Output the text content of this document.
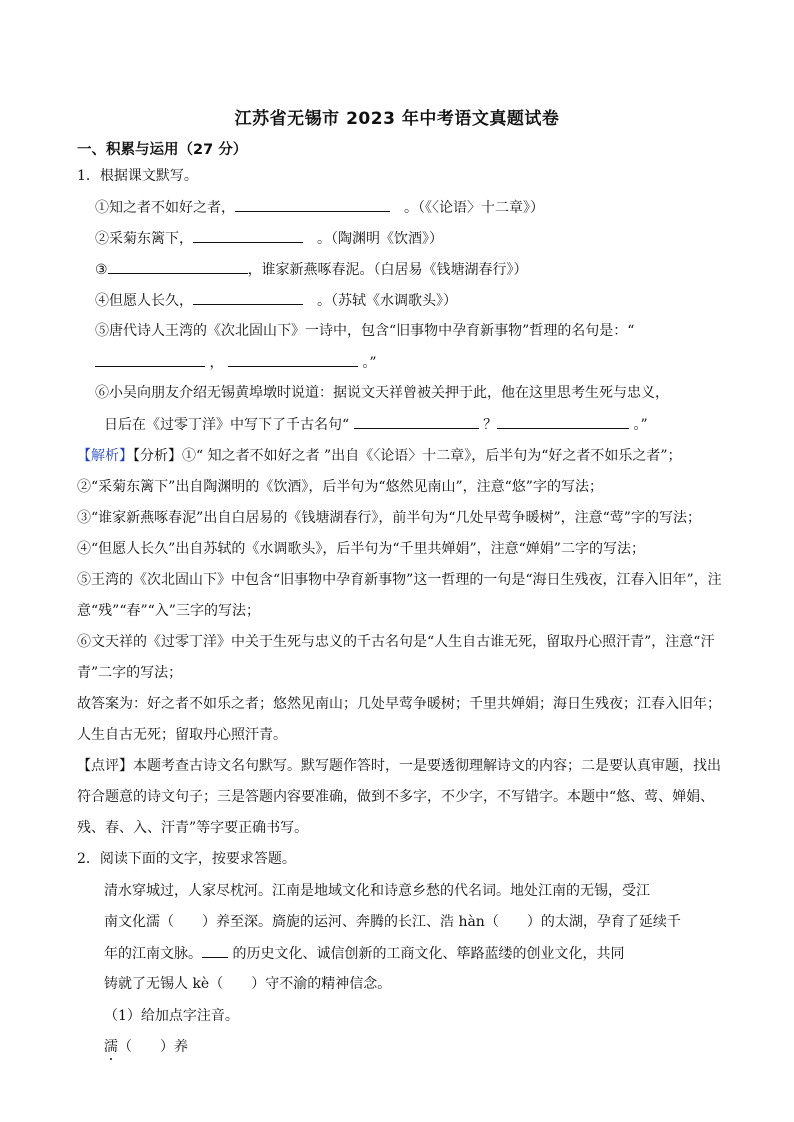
江苏省无锡市 2023 年中考语文真题试卷
一、积累与运用（27 分）
1．根据课文默写。
①知之者不如好之者，　	。（《〈论语〉十二章》）
②采菊东篱下，　	。（陶渊明《饮酒》）
③	，谁家新燕啄春泥。（白居易《钱塘湖春行》）
④但愿人长久，　	。（苏轼《水调歌头》）
⑤唐代诗人王湾的《次北固山下》一诗中，包含“旧事物中孕育新事物”哲理的名句是：“
，	。”
⑥小吴向朋友介绍无锡黄埠墩时说道：据说文天祥曾被关押于此，他在这里思考生死与忠义，
日后在《过零丁洋》中写下了千古名句“	？	。”
【解析】【分析】①“ 知之者不如好之者 ”出自《〈论语〉十二章》，后半句为“好之者不如乐之者”；
②“采菊东篱下”出自陶渊明的《饮酒》，后半句为“悠然见南山”，注意“悠”字的写法；
③“谁家新燕啄春泥”出自白居易的《钱塘湖春行》，前半句为“几处早莺争暖树”，注意“莺”字的写法；
④“但愿人长久”出自苏轼的《水调歌头》，后半句为“千里共婵娟”，注意“婵娟”二字的写法；
⑤王湾的《次北固山下》中包含“旧事物中孕育新事物”这一哲理的一句是“海日生残夜，江春入旧年”，注
意“残”“春”“入”三字的写法；
⑥文天祥的《过零丁洋》中关于生死与忠义的千古名句是“人生自古谁无死，留取丹心照汗青”，注意“汗
青”二字的写法；
故答案为：好之者不如乐之者；悠然见南山；几处早莺争暖树；千里共婵娟；海日生残夜；江春入旧年；
人生自古无死；留取丹心照汗青。
【点评】本题考查古诗文名句默写。默写题作答时，一是要透彻理解诗文的内容；二是要认真审题，找出
符合题意的诗文句子；三是答题内容要准确，做到不多字，不少字，不写错字。本题中“悠、莺、婵娟、
残、春、入、汗青”等字要正确书写。
2．阅读下面的文字，按要求答题。
清水穿城过，人家尽枕河。江南是地域文化和诗意乡愁的代名词。地处江南的无锡，受江
南文化濡（　　）养至深。旖旎的运河、奔腾的长江、浩 hàn（　　）的太湖，孕育了延续千
年的江南文脉。 的历史文化、诚信创新的工商文化、筚路蓝缕的创业文化，共同
铸就了无锡人 kè（　　）守不渝的精神信念。
（1）给加点字注音。
濡（　　）养
